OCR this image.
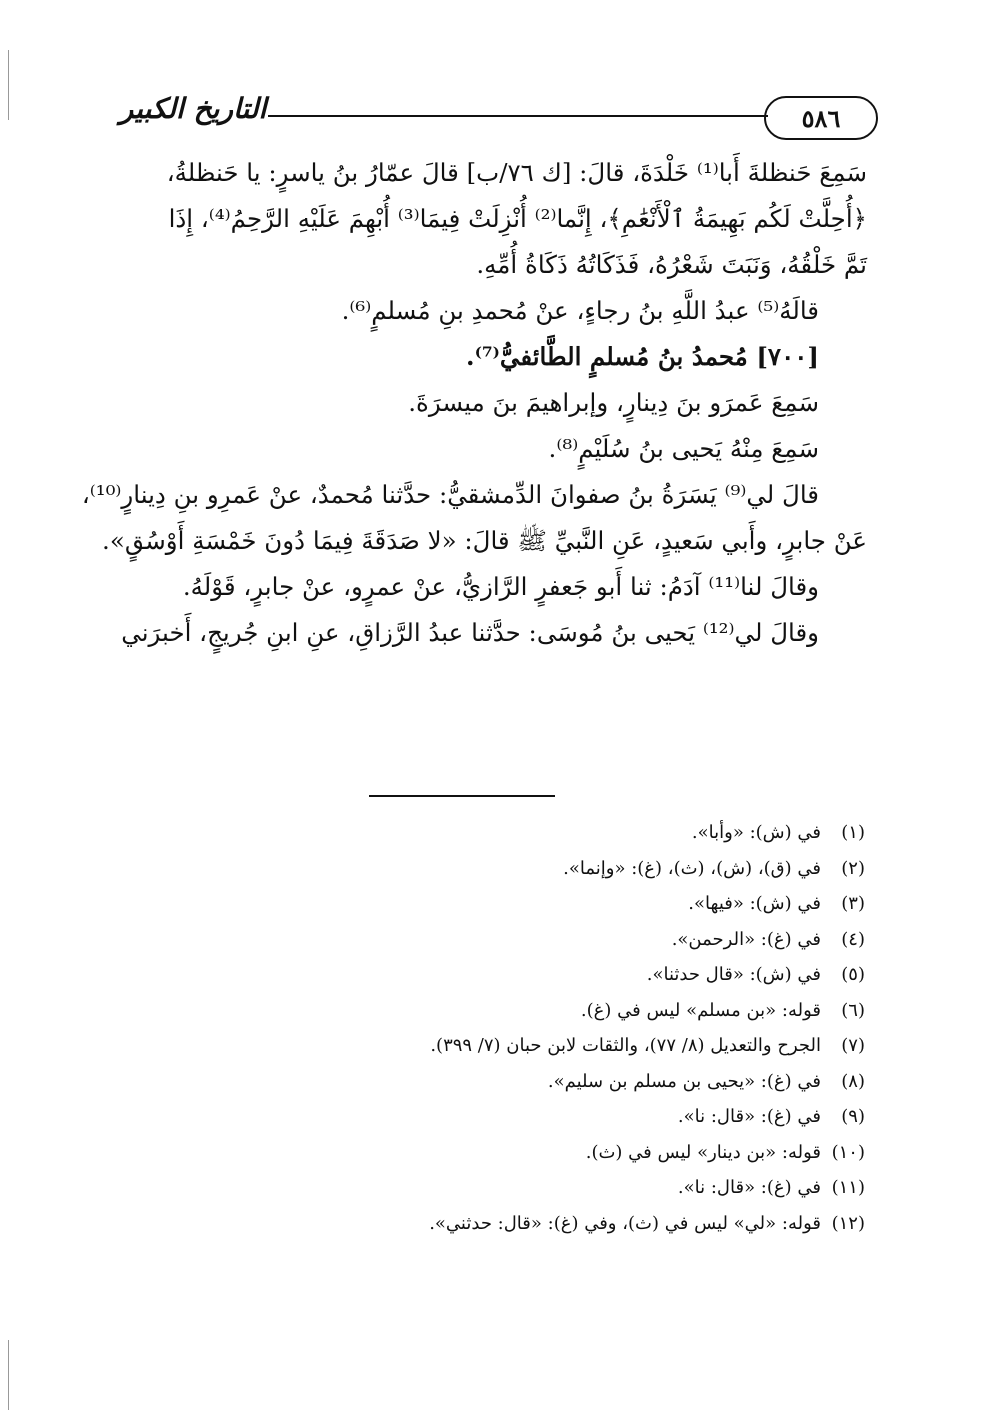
٥٨٦
التاريخ الكبير

سَمِعَ حَنظلةَ أَبا⁽¹⁾ خَلْدَةَ، قالَ: [ك ٧٦/ب] قالَ عمّارُ بنُ ياسرٍ: يا حَنظلةُ،

﴿أُحِلَّتْ لَكُم بَهِيمَةُ ٱلْأَنْعَٰمِ﴾، إِنَّما⁽²⁾ أُنْزِلَتْ فِيمَا⁽³⁾ أُبْهِمَ عَلَيْهِ الرَّحِمُ⁽⁴⁾، إِذَا

تَمَّ خَلْقُهُ، وَنَبَتَ شَعْرُهُ، فَذَكَاتُهُ ذَكَاةُ أُمِّهِ.

قالَهُ⁽⁵⁾ عبدُ اللَّهِ بنُ رجاءٍ، عنْ مُحمدِ بنِ مُسلمٍ⁽⁶⁾.

[٧٠٠] مُحمدُ بنُ مُسلمٍ الطَّائفيُّ⁽⁷⁾.

سَمِعَ عَمرَو بنَ دِينارٍ، وإبراهيمَ بنَ ميسرَةَ.

سَمِعَ مِنْهُ يَحيى بنُ سُلَيْمٍ⁽⁸⁾.

قالَ لي⁽⁹⁾ يَسَرَةُ بنُ صفوانَ الدِّمشقيُّ: حدَّثنا مُحمدٌ، عنْ عَمرِو بنِ دِينارٍ⁽¹⁰⁾،

عَنْ جابرٍ، وأَبي سَعيدٍ، عَنِ النَّبيِّ ﷺ قالَ: «لا صَدَقَةَ فِيمَا دُونَ خَمْسَةِ أَوْسُقٍ».

وقالَ لنا⁽¹¹⁾ آدَمُ: ثنا أَبو جَعفرٍ الرَّازيُّ، عنْ عمرٍو، عنْ جابرٍ، قَوْلَهُ.

وقالَ لي⁽¹²⁾ يَحيى بنُ مُوسَى: حدَّثنا عبدُ الرَّزاقِ، عنِ ابنِ جُريجٍ، أَخبرَني

(١)في (ش): «وأبا».
(٢)في (ق)، (ش)، (ث)، (غ): «وإنما».
(٣)في (ش): «فيها».
(٤)في (غ): «الرحمن».
(٥)في (ش): «قال حدثنا».
(٦)قوله: «بن مسلم» ليس في (غ).
(٧)الجرح والتعديل (٨/ ٧٧)، والثقات لابن حبان (٧/ ٣٩٩).
(٨)في (غ): «يحيى بن مسلم بن سليم».
(٩)في (غ): «قال: نا».
(١٠)قوله: «بن دينار» ليس في (ث).
(١١)في (غ): «قال: نا».
(١٢)قوله: «لي» ليس في (ث)، وفي (غ): «قال: حدثني».
